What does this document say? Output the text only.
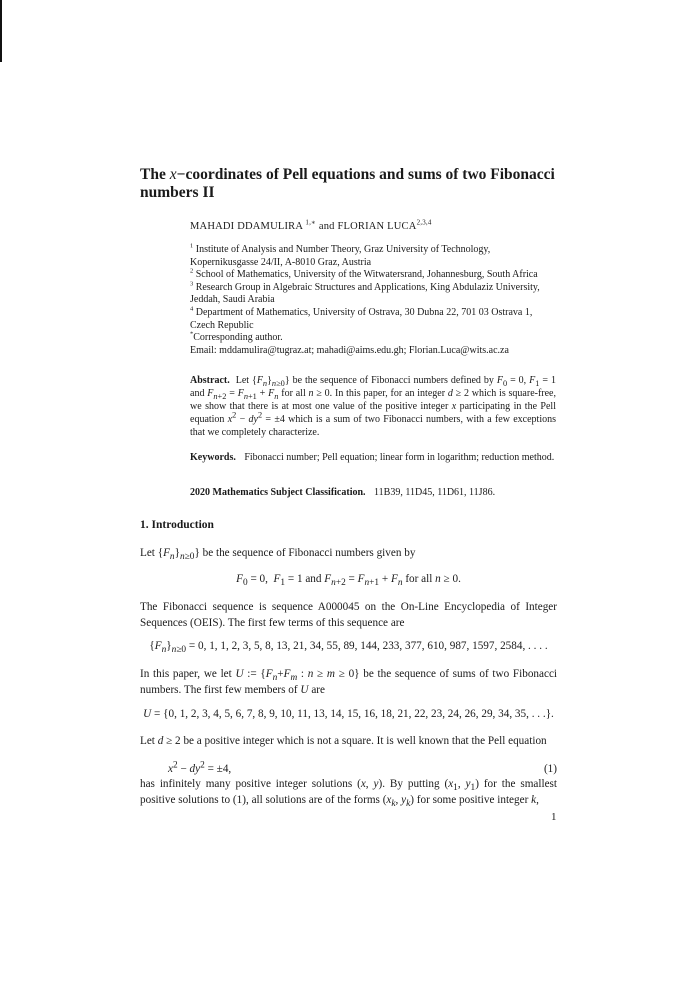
The x−coordinates of Pell equations and sums of two Fibonacci numbers II
MAHADI DDAMULIRA $^{1,∗}$ and FLORIAN LUCA$^{2,3,4}$

$^1$ Institute of Analysis and Number Theory, Graz University of Technology, Kopernikusgasse 24/II, A-8010 Graz, Austria

$^2$ School of Mathematics, University of the Witwatersrand, Johannesburg, South Africa

$^3$ Research Group in Algebraic Structures and Applications, King Abdulaziz University, Jeddah, Saudi Arabia

$^4$ Department of Mathematics, University of Ostrava, 30 Dubna 22, 701 03 Ostrava 1, Czech Republic

*Corresponding author.

Email: mddamulira@tugraz.at; mahadi@aims.edu.gh; Florian.Luca@wits.ac.za

Abstract. Let $\{F_n\}_{n\ge 0}$} be the sequence of Fibonacci numbers defined by $F_0 = 0$, $F_1 = 1$ and $F_{n+2} = F_{n+1} + F_n$ for all n ≥ 0. In this paper, for an integer d ≥ 2 which is square-free, we show that there is at most one value of the positive integer x participating in the Pell equation $x^2 - dy^2 = \pm 4$ which is a sum of two Fibonacci numbers, with a few exceptions that we completely characterize.

Keywords. Fibonacci number; Pell equation; linear form in logarithm; reduction method.

2020 Mathematics Subject Classification. 11B39, 11D45, 11D61, 11J86.
1. Introduction

Let $\{F_n\}_{n\ge 0}$} be the sequence of Fibonacci numbers given by

$F_0 = 0$,  $F_1 = 1$ and $F_{n+2} = F_{n+1} + F_n$ for all n ≥ 0.

The Fibonacci sequence is sequence A000045 on the On-Line Encyclopedia of Integer Sequences (OEIS). The first few terms of this sequence are

$\{F_n\}_{n\ge 0} = 0$, 1, 1, 2, 3, 5, 8, 13, 21, 34, 55, 89, 144, 233, 377, 610, 987, 1597, 2584, . . . .

In this paper, we let U := {$F_n+F_m$ : n ≥ m ≥ 0} be the sequence of sums of two Fibonacci numbers. The first few members of U are

U = {0, 1, 2, 3, 4, 5, 6, 7, 8, 9, 10, 11, 13, 14, 15, 16, 18, 21, 22, 23, 24, 26, 29, 34, 35, . . .}.

Let d ≥ 2 be a positive integer which is not a square. It is well known that the Pell equation

$x^2 - dy^2 = \pm 4$,	(1)

has infinitely many positive integer solutions (x, y). By putting ($x_1$, $y_1$) for the smallest positive solutions to (1), all solutions are of the forms ($x_k$, $y_k$) for some positive integer k,

1
